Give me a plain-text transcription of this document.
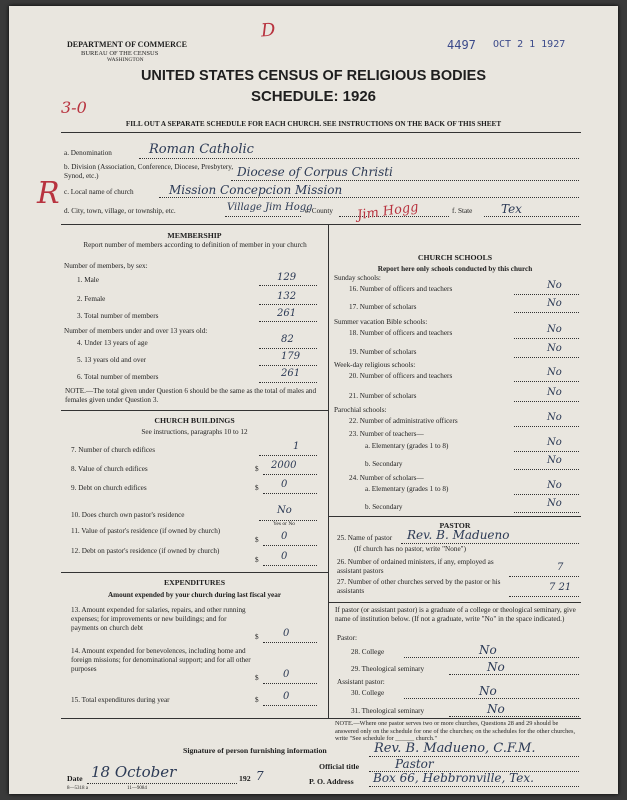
D
4497 OCT 2 1 1927
3-0
R
DEPARTMENT OF COMMERCE
BUREAU OF THE CENSUS
WASHINGTON
UNITED STATES CENSUS OF RELIGIOUS BODIES
SCHEDULE: 1926
FILL OUT A SEPARATE SCHEDULE FOR EACH CHURCH. SEE INSTRUCTIONS ON THE BACK OF THIS SHEET
a. Denomination	Roman Catholic
b. Division (Association, Conference, Diocese, Presbytery, Synod, etc.)	Diocese of Corpus Christi
c. Local name of church	Mission Concepcion Mission
d. City, town, village, or township, etc.	Village Jim Hogg
e. County Jim Hogg	f. State Tex
MEMBERSHIP
Report number of members according to definition of member in your church
Number of members, by sex:
1. Male	129
2. Female	132
3. Total number of members	261
Number of members under and over 13 years old:
4. Under 13 years of age	82
5. 13 years old and over	179
6. Total number of members	261
NOTE.—The total given under Question 6 should be the same as the total of males and females given under Question 3.
CHURCH BUILDINGS
See instructions, paragraphs 10 to 12
7. Number of church edifices	1
8. Value of church edifices	$ 2000
9. Debt on church edifices	$ 0
10. Does church own pastor's residence	No
Yes or No
11. Value of pastor's residence (if owned by church)
$ 0
12. Debt on pastor's residence (if owned by church)
$ 0
EXPENDITURES
Amount expended by your church during last fiscal year
13. Amount expended for salaries, repairs, and other running expenses; for improvements or new buildings; and for payments on church debt
$ 0
14. Amount expended for benevolences, including home and foreign missions; for denominational support; and for all other purposes
$ 0
15. Total expenditures during year	$ 0
CHURCH SCHOOLS
Report here only schools conducted by this church
Sunday schools:
16. Number of officers and teachers	No
17. Number of scholars	No
Summer vacation Bible schools:
18. Number of officers and teachers	No
19. Number of scholars	No
Week-day religious schools:
20. Number of officers and teachers	No
21. Number of scholars	No
Parochial schools:
22. Number of administrative officers	No
23. Number of teachers—
a. Elementary (grades 1 to 8)	No
b. Secondary	No
24. Number of scholars—
a. Elementary (grades 1 to 8)	No
b. Secondary	No
PASTOR
25. Name of pastor Rev. B. Madueno
(If church has no pastor, write "None")
26. Number of ordained ministers, if any, employed as assistant pastors	7
27. Number of other churches served by the pastor or his assistants	7 21
If pastor (or assistant pastor) is a graduate of a college or theological seminary, give name of institution below. (If not a graduate, write "No" in the space indicated.)
Pastor:
28. College	No
29. Theological seminary	No
Assistant pastor:
30. College	No
31. Theological seminary	No
NOTE.—Where one pastor serves two or more churches, Questions 28 and 29 should be answered only on the schedule for one of the churches; on the schedules for the other churches, write "See schedule for ______ church."
Signature of person furnishing information	Rev. B. Madueno, C.F.M.
Official title	Pastor
Date 18 October	192 7	P. O. Address Box 66, Hebbronville, Tex.
8—5318 a	11—9084
